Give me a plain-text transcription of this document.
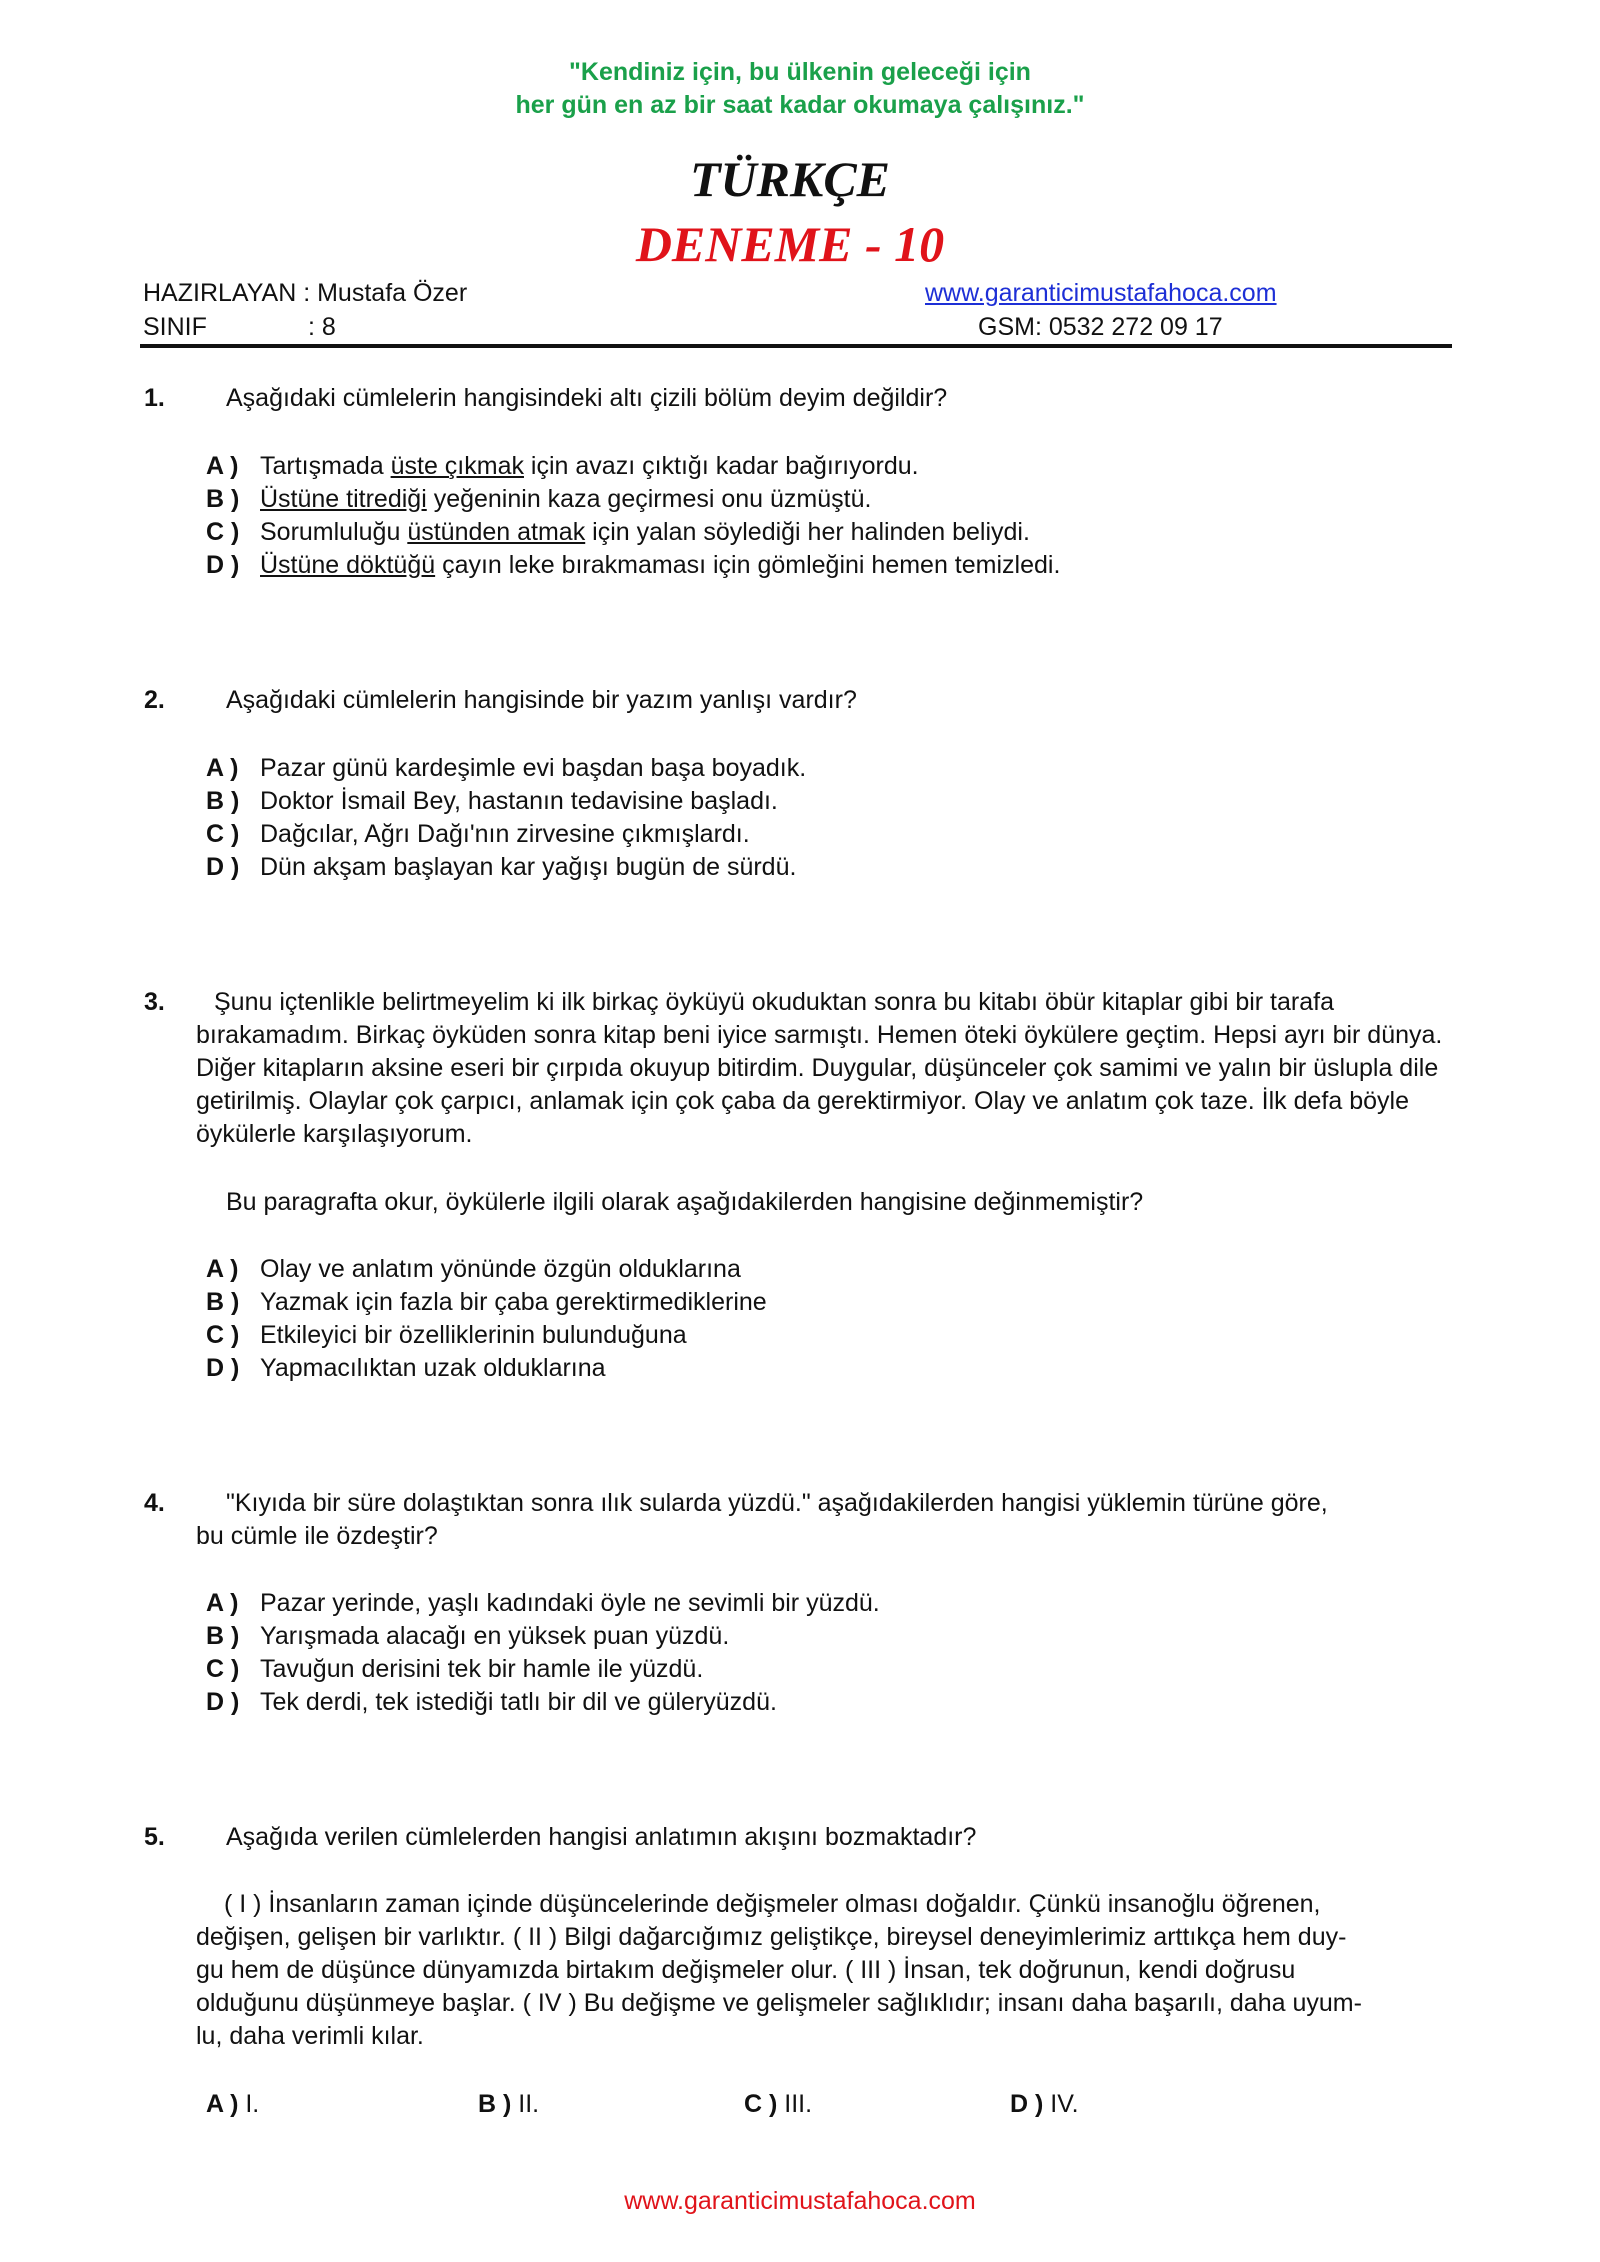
"Kendiniz için, bu ülkenin geleceği için
her gün en az bir saat kadar okumaya çalışınız."
TÜRKÇE
DENEME - 10
HAZIRLAYAN : Mustafa Özer
SINIF	: 8
www.garanticimustafahoca.com
GSM: 0532 272 09 17
1. Aşağıdaki cümlelerin hangisindeki altı çizili bölüm deyim değildir?
A ) Tartışmada üste çıkmak için avazı çıktığı kadar bağırıyordu.
B ) Üstüne titrediği yeğeninin kaza geçirmesi onu üzmüştü.
C ) Sorumluluğu üstünden atmak için yalan söylediği her halinden beliydi.
D ) Üstüne döktüğü çayın leke bırakmaması için gömleğini hemen temizledi.
2. Aşağıdaki cümlelerin hangisinde bir yazım yanlışı vardır?
A ) Pazar günü kardeşimle evi başdan başa boyadık.
B ) Doktor İsmail Bey, hastanın tedavisine başladı.
C ) Dağcılar, Ağrı Dağı'nın zirvesine çıkmışlardı.
D ) Dün akşam başlayan kar yağışı bugün de sürdü.
3.	Şunu içtenlikle belirtmeyelim ki ilk birkaç öyküyü okuduktan sonra bu kitabı öbür kitaplar gibi bir tarafa bırakamadım. Birkaç öyküden sonra kitap beni iyice sarmıştı. Hemen öteki öykülere geçtim. Hepsi ayrı bir dünya. Diğer kitapların aksine eseri bir çırpıda okuyup bitirdim. Duygular, düşünceler çok samimi ve yalın bir üslupla dile getirilmiş. Olaylar çok çarpıcı, anlamak için çok çaba da gerektirmiyor. Olay ve anlatım çok taze. İlk defa böyle öykülerle karşılaşıyorum.
Bu paragrafta okur, öykülerle ilgili olarak aşağıdakilerden hangisine değinmemiştir?
A ) Olay ve anlatım yönünde özgün olduklarına
B ) Yazmak için fazla bir çaba gerektirmediklerine
C ) Etkileyici bir özelliklerinin bulunduğuna
D ) Yapmacılıktan uzak olduklarına
4. "Kıyıda bir süre dolaştıktan sonra ılık sularda yüzdü." aşağıdakilerden hangisi yüklemin türüne göre,
bu cümle ile özdeştir?
A ) Pazar yerinde, yaşlı kadındaki öyle ne sevimli bir yüzdü.
B ) Yarışmada alacağı en yüksek puan yüzdü.
C ) Tavuğun derisini tek bir hamle ile yüzdü.
D ) Tek derdi, tek istediği tatlı bir dil ve güleryüzdü.
5. Aşağıda verilen cümlelerden hangisi anlatımın akışını bozmaktadır?
( I ) İnsanların zaman içinde düşüncelerinde değişmeler olması doğaldır. Çünkü insanoğlu öğrenen,
değişen, gelişen bir varlıktır. ( II ) Bilgi dağarcığımız geliştikçe, bireysel deneyimlerimiz arttıkça hem duy-
gu hem de düşünce dünyamızda birtakım değişmeler olur. ( III ) İnsan, tek doğrunun, kendi doğrusu
olduğunu düşünmeye başlar. ( IV ) Bu değişme ve gelişmeler sağlıklıdır; insanı daha başarılı, daha uyum-
lu, daha verimli kılar.
A ) I.	B ) II.	C ) III.	D ) IV.
www.garanticimustafahoca.com
